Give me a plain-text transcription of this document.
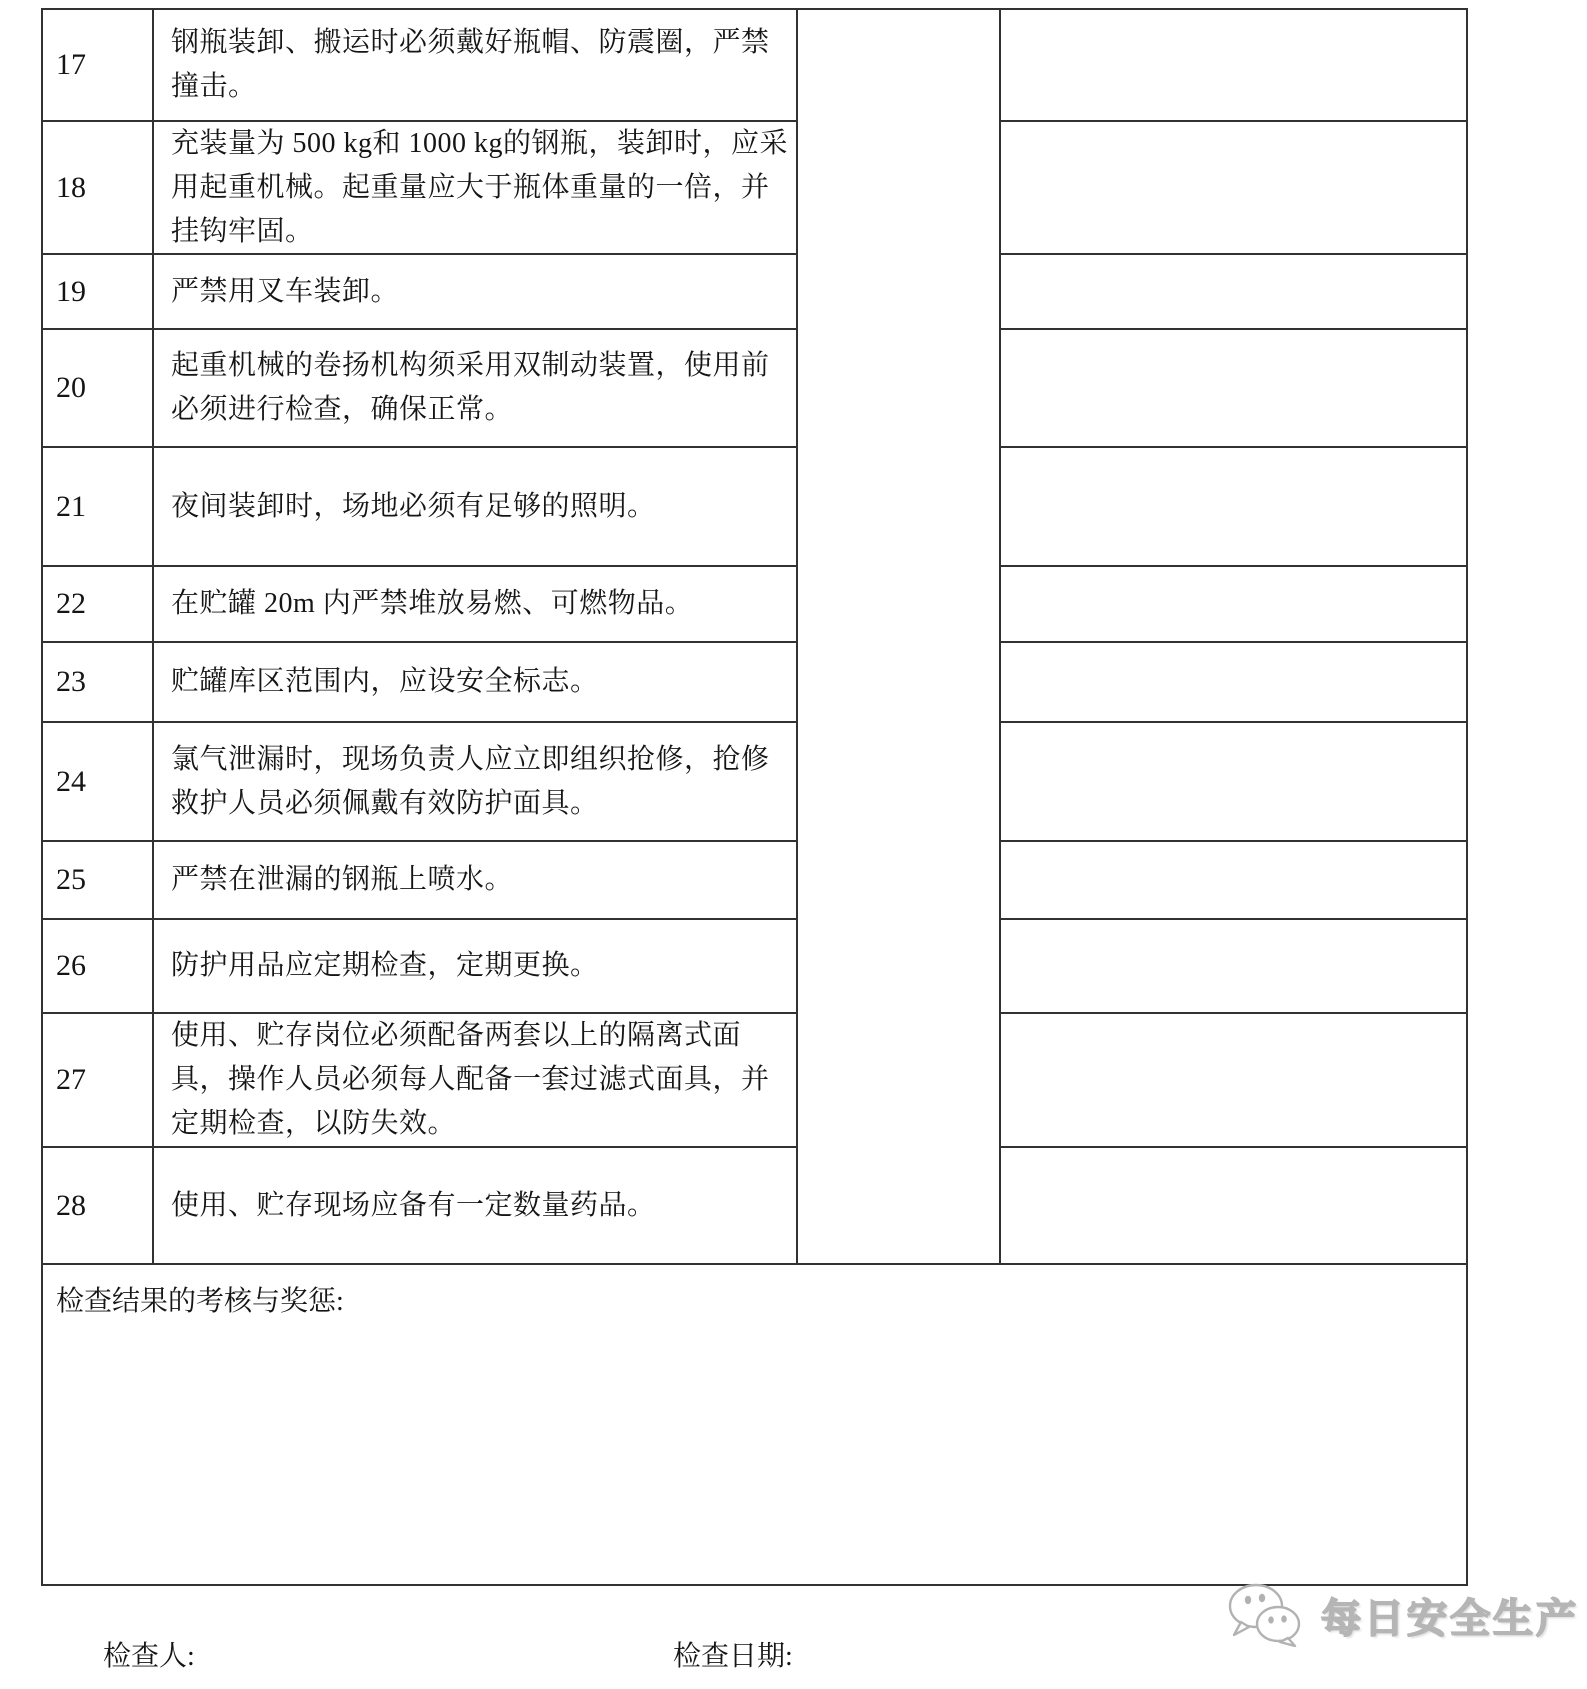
17
钢瓶装卸、搬运时必须戴好瓶帽、防震圈，严禁撞击。
18
充装量为 500 kg和 1000 kg的钢瓶，装卸时，应采用起重机械。起重量应大于瓶体重量的一倍，并挂钩牢固。
19	严禁用叉车装卸。
20
起重机械的卷扬机构须采用双制动装置，使用前必须进行检查，确保正常。
21	夜间装卸时，场地必须有足够的照明。
22	在贮罐 20m 内严禁堆放易燃、可燃物品。
23	贮罐库区范围内，应设安全标志。
24
氯气泄漏时，现场负责人应立即组织抢修，抢修救护人员必须佩戴有效防护面具。
25	严禁在泄漏的钢瓶上喷水。
26	防护用品应定期检查，定期更换。
27
使用、贮存岗位必须配备两套以上的隔离式面具，操作人员必须每人配备一套过滤式面具，并定期检查，以防失效。
28	使用、贮存现场应备有一定数量药品。
检查结果的考核与奖惩:
检查人:	检查日期:
每日安全生产
